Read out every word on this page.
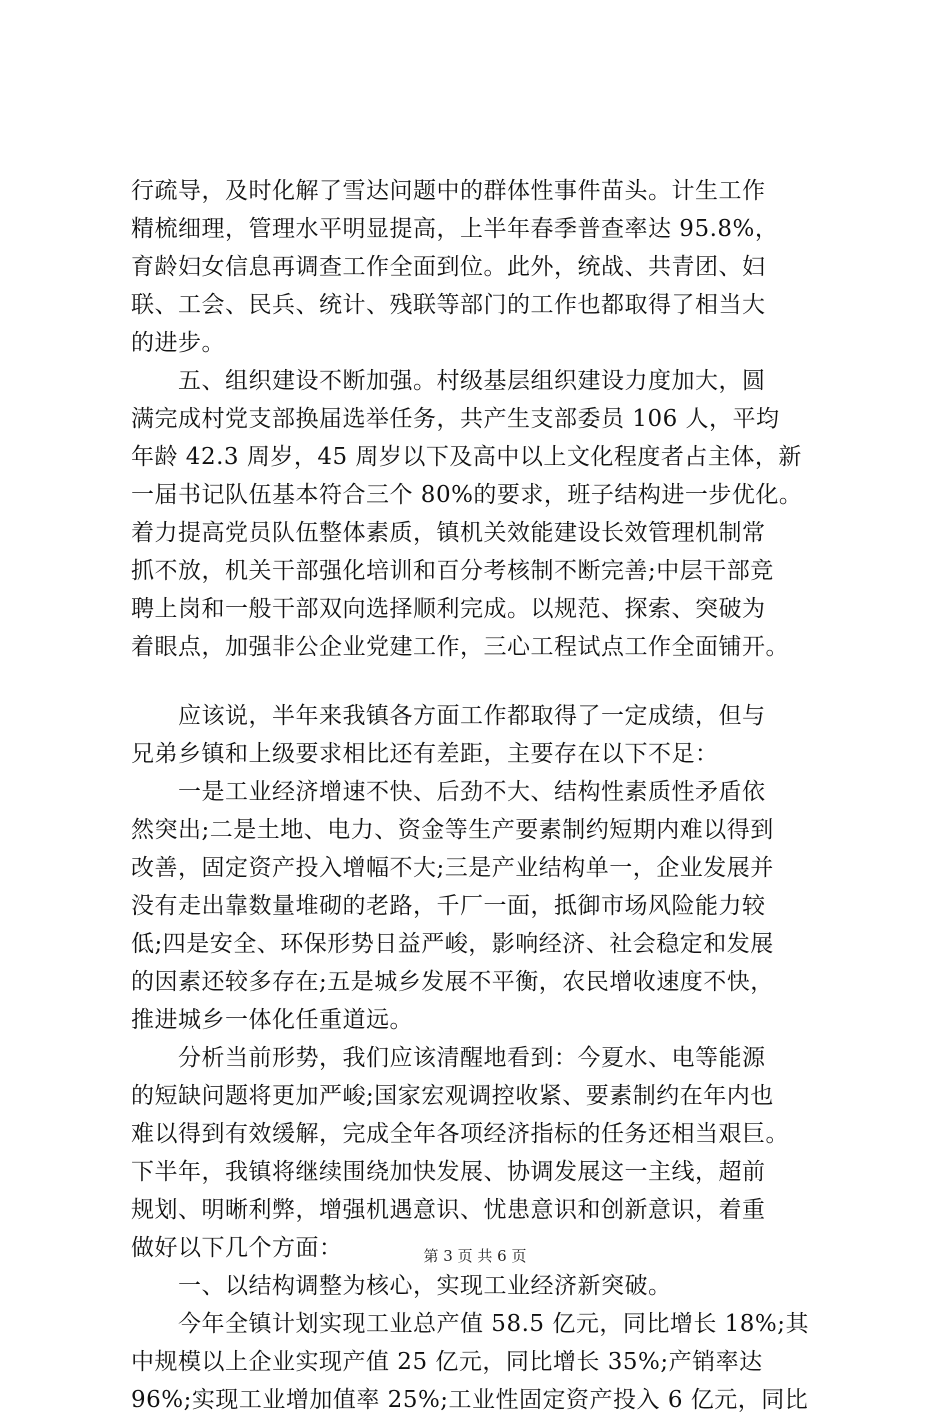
行疏导，及时化解了雪达问题中的群体性事件苗头。计生工作
精梳细理，管理水平明显提高，上半年春季普查率达 95.8%，
育龄妇女信息再调查工作全面到位。此外，统战、共青团、妇
联、工会、民兵、统计、残联等部门的工作也都取得了相当大
的进步。
　　五、组织建设不断加强。村级基层组织建设力度加大，圆
满完成村党支部换届选举任务，共产生支部委员 106 人，平均
年龄 42.3 周岁，45 周岁以下及高中以上文化程度者占主体，新
一届书记队伍基本符合三个 80%的要求，班子结构进一步优化。
着力提高党员队伍整体素质，镇机关效能建设长效管理机制常
抓不放，机关干部强化培训和百分考核制不断完善;中层干部竞
聘上岗和一般干部双向选择顺利完成。以规范、探索、突破为
着眼点，加强非公企业党建工作，三心工程试点工作全面铺开。
　　应该说，半年来我镇各方面工作都取得了一定成绩，但与
兄弟乡镇和上级要求相比还有差距，主要存在以下不足：
　　一是工业经济增速不快、后劲不大、结构性素质性矛盾依
然突出;二是土地、电力、资金等生产要素制约短期内难以得到
改善，固定资产投入增幅不大;三是产业结构单一，企业发展并
没有走出靠数量堆砌的老路，千厂一面，抵御市场风险能力较
低;四是安全、环保形势日益严峻，影响经济、社会稳定和发展
的因素还较多存在;五是城乡发展不平衡，农民增收速度不快，
推进城乡一体化任重道远。
　　分析当前形势，我们应该清醒地看到：今夏水、电等能源
的短缺问题将更加严峻;国家宏观调控收紧、要素制约在年内也
难以得到有效缓解，完成全年各项经济指标的任务还相当艰巨。
下半年，我镇将继续围绕加快发展、协调发展这一主线，超前
规划、明晰利弊，增强机遇意识、忧患意识和创新意识，着重
做好以下几个方面：
　　一、以结构调整为核心，实现工业经济新突破。
　　今年全镇计划实现工业总产值 58.5 亿元，同比增长 18%;其
中规模以上企业实现产值 25 亿元，同比增长 35%;产销率达
96%;实现工业增加值率 25%;工业性固定资产投入 6 亿元，同比
第 3 页 共 6 页
